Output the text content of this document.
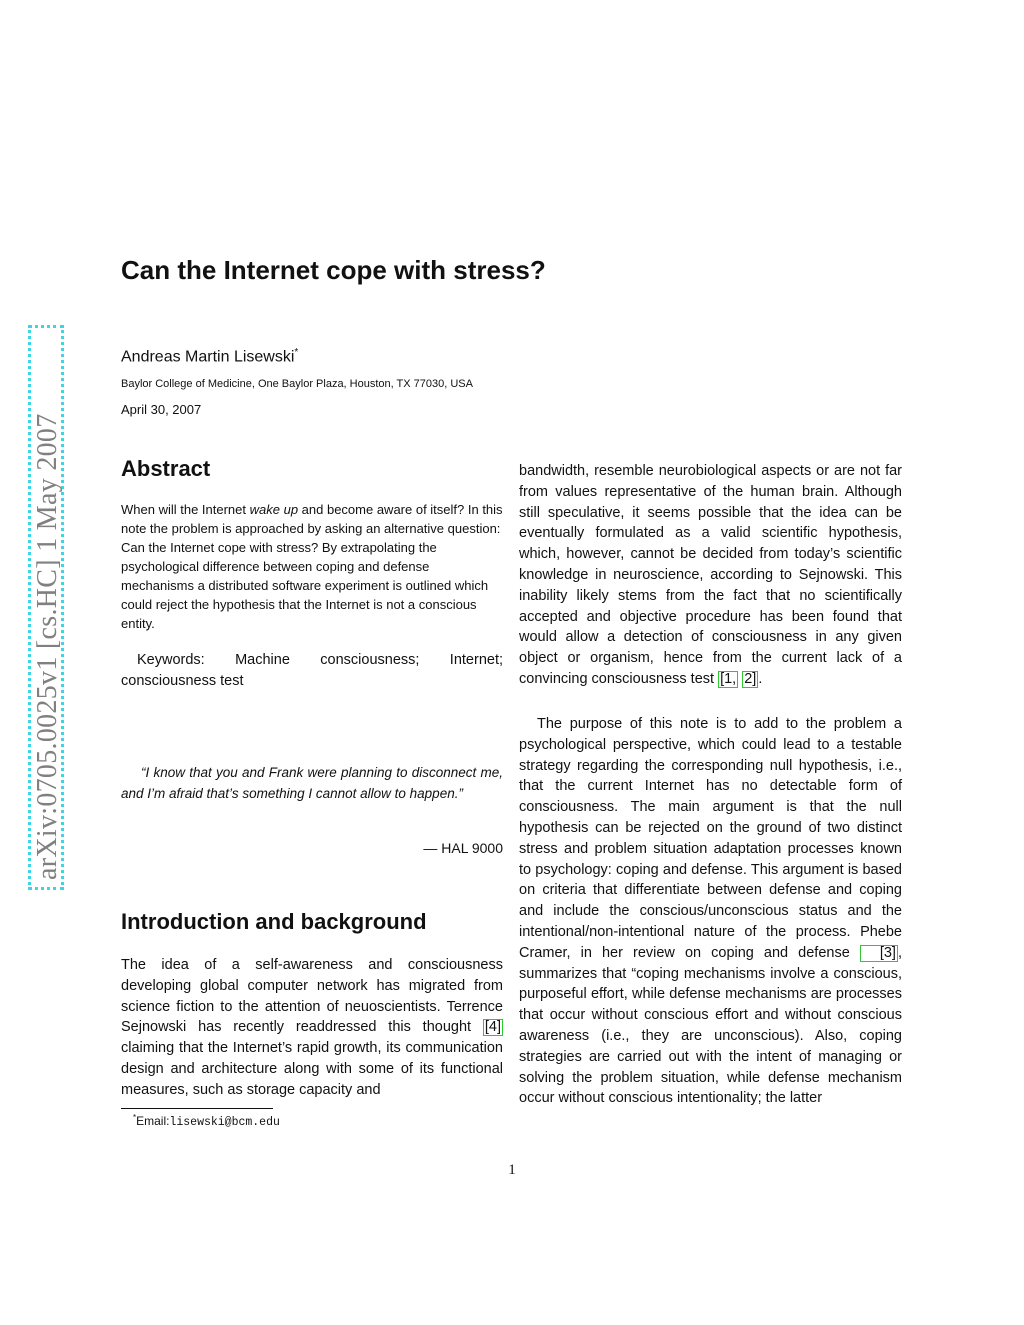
arXiv:0705.0025v1 [cs.HC] 1 May 2007
Can the Internet cope with stress?
Andreas Martin Lisewski*
Baylor College of Medicine, One Baylor Plaza, Houston, TX 77030, USA
April 30, 2007
Abstract

When will the Internet wake up and become aware of itself? In this note the problem is approached by asking an alternative question: Can the Internet cope with stress? By extrapolating the psychological difference between coping and defense mechanisms a distributed software experiment is outlined which could reject the hypothesis that the Internet is not a conscious entity.

Keywords: Machine consciousness; Internet; consciousness test

“I know that you and Frank were planning to disconnect me, and I’m afraid that’s something I cannot allow to happen.”

— HAL 9000
Introduction and background

The idea of a self-awareness and consciousness developing global computer network has migrated from science fiction to the attention of neuoscientists. Terrence Sejnowski has recently readdressed this thought [4] claiming that the Internet’s rapid growth, its communication design and architecture along with some of its functional measures, such as storage capacity and

bandwidth, resemble neurobiological aspects or are not far from values representative of the human brain. Although still speculative, it seems possible that the idea can be eventually formulated as a valid scientific hypothesis, which, however, cannot be decided from today’s scientific knowledge in neuroscience, according to Sejnowski. This inability likely stems from the fact that no scientifically accepted and objective procedure has been found that would allow a detection of consciousness in any given object or organism, hence from the current lack of a convincing consciousness test [1, 2] .

The purpose of this note is to add to the problem a psychological perspective, which could lead to a testable strategy regarding the corresponding null hypothesis, i.e., that the current Internet has no detectable form of consciousness. The main argument is that the null hypothesis can be rejected on the ground of two distinct stress and problem situation adaptation processes known to psychology: coping and defense. This argument is based on criteria that differentiate between defense and coping and include the conscious/unconscious status and the intentional/non-intentional nature of the process. Phebe Cramer, in her review on coping and defense [3] , summarizes that “coping mechanisms involve a conscious, purposeful effort, while defense mechanisms are processes that occur without conscious effort and without conscious awareness (i.e., they are unconscious). Also, coping strategies are carried out with the intent of managing or solving the problem situation, while defense mechanism occur without conscious intentionality; the latter

*Email:lisewski@bcm.edu
1
